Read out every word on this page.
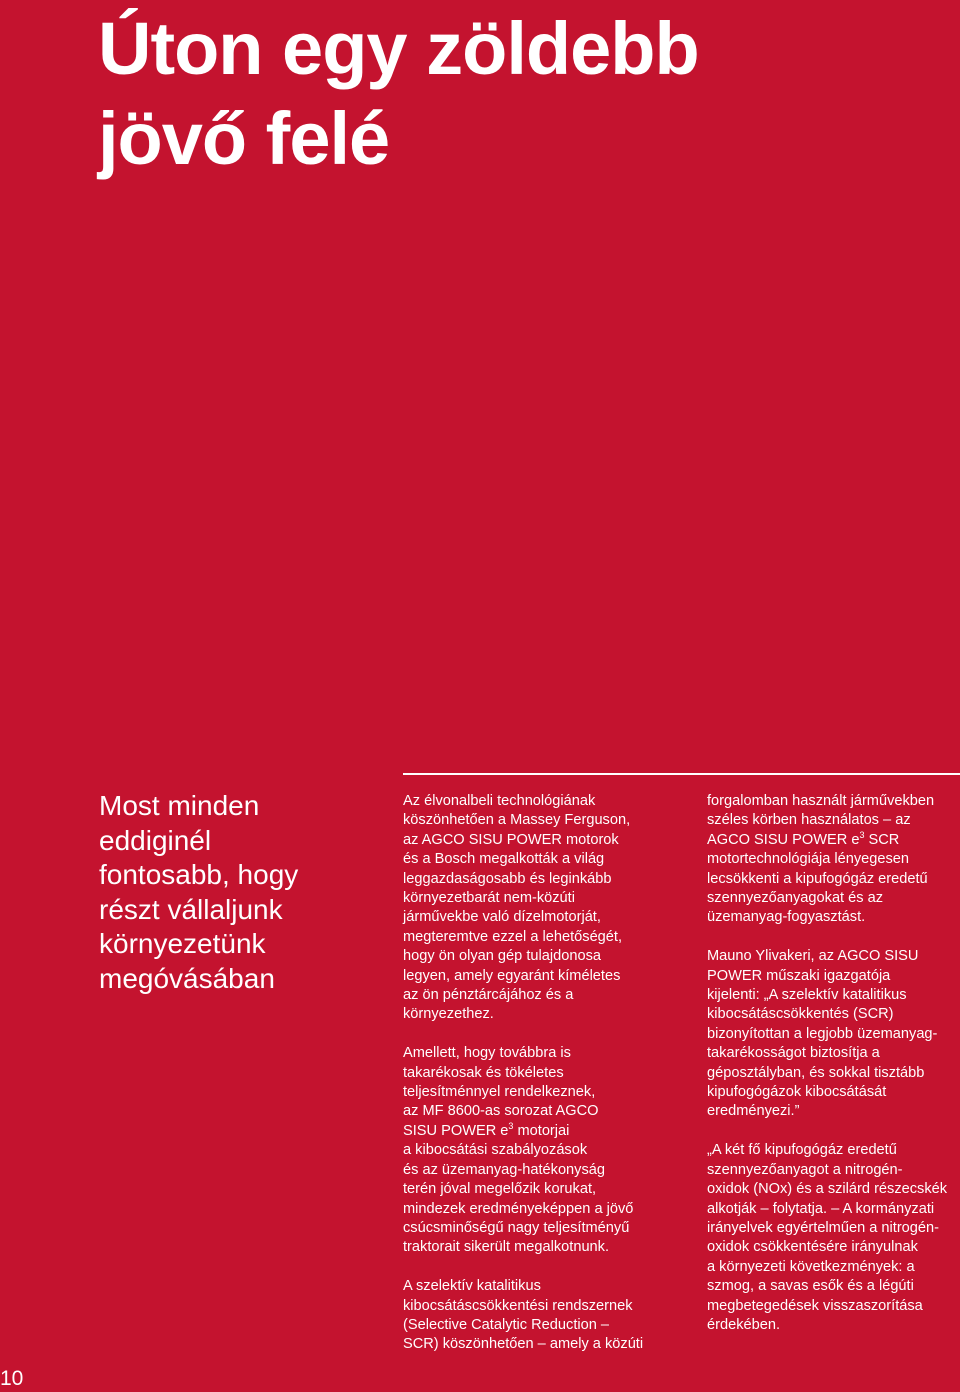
Úton egy zöldebb
jövő felé
Most minden
eddiginél
fontosabb, hogy
részt vállaljunk
környezetünk
megóvásában

Az élvonalbeli technológiának
köszönhetően a Massey Ferguson,
az AGCO SISU POWER motorok
és a Bosch megalkották a világ
leggazdaságosabb és leginkább
környezetbarát nem-közúti
járművekbe való dízelmotorját,
megteremtve ezzel a lehetőségét,
hogy ön olyan gép tulajdonosa
legyen, amely egyaránt kíméletes
az ön pénztárcájához és a
környezethez.

Amellett, hogy továbbra is
takarékosak és tökéletes
teljesítménnyel rendelkeznek,
az MF 8600-as sorozat AGCO
SISU POWER $e^3$ motorjai
a kibocsátási szabályozások
és az üzemanyag-hatékonyság
terén jóval megelőzik korukat,
mindezek eredményeképpen a jövő
csúcsminőségű nagy teljesítményű
traktorait sikerült megalkotnunk.

A szelektív katalitikus
kibocsátáscsökkentési rendszernek
(Selective Catalytic Reduction –
SCR) köszönhetően – amely a közúti

forgalomban használt járművekben
széles körben használatos – az
AGCO SISU POWER $e^3$ SCR
motortechnológiája lényegesen
lecsökkenti a kipufogógáz eredetű
szennyezőanyagokat és az
üzemanyag-fogyasztást.

Mauno Ylivakeri, az AGCO SISU
POWER műszaki igazgatója
kijelenti: „A szelektív katalitikus
kibocsátáscsökkentés (SCR)
bizonyítottan a legjobb üzemanyag-
takarékosságot biztosítja a
géposztályban, és sokkal tisztább
kipufogógázok kibocsátását
eredményezi.”

„A két fő kipufogógáz eredetű
szennyezőanyagot a nitrogén-
oxidok (NOx) és a szilárd részecskék
alkotják – folytatja. – A kormányzati
irányelvek egyértelműen a nitrogén-
oxidok csökkentésére irányulnak
a környezeti következmények: a
szmog, a savas esők és a légúti
megbetegedések visszaszorítása
érdekében.

10
